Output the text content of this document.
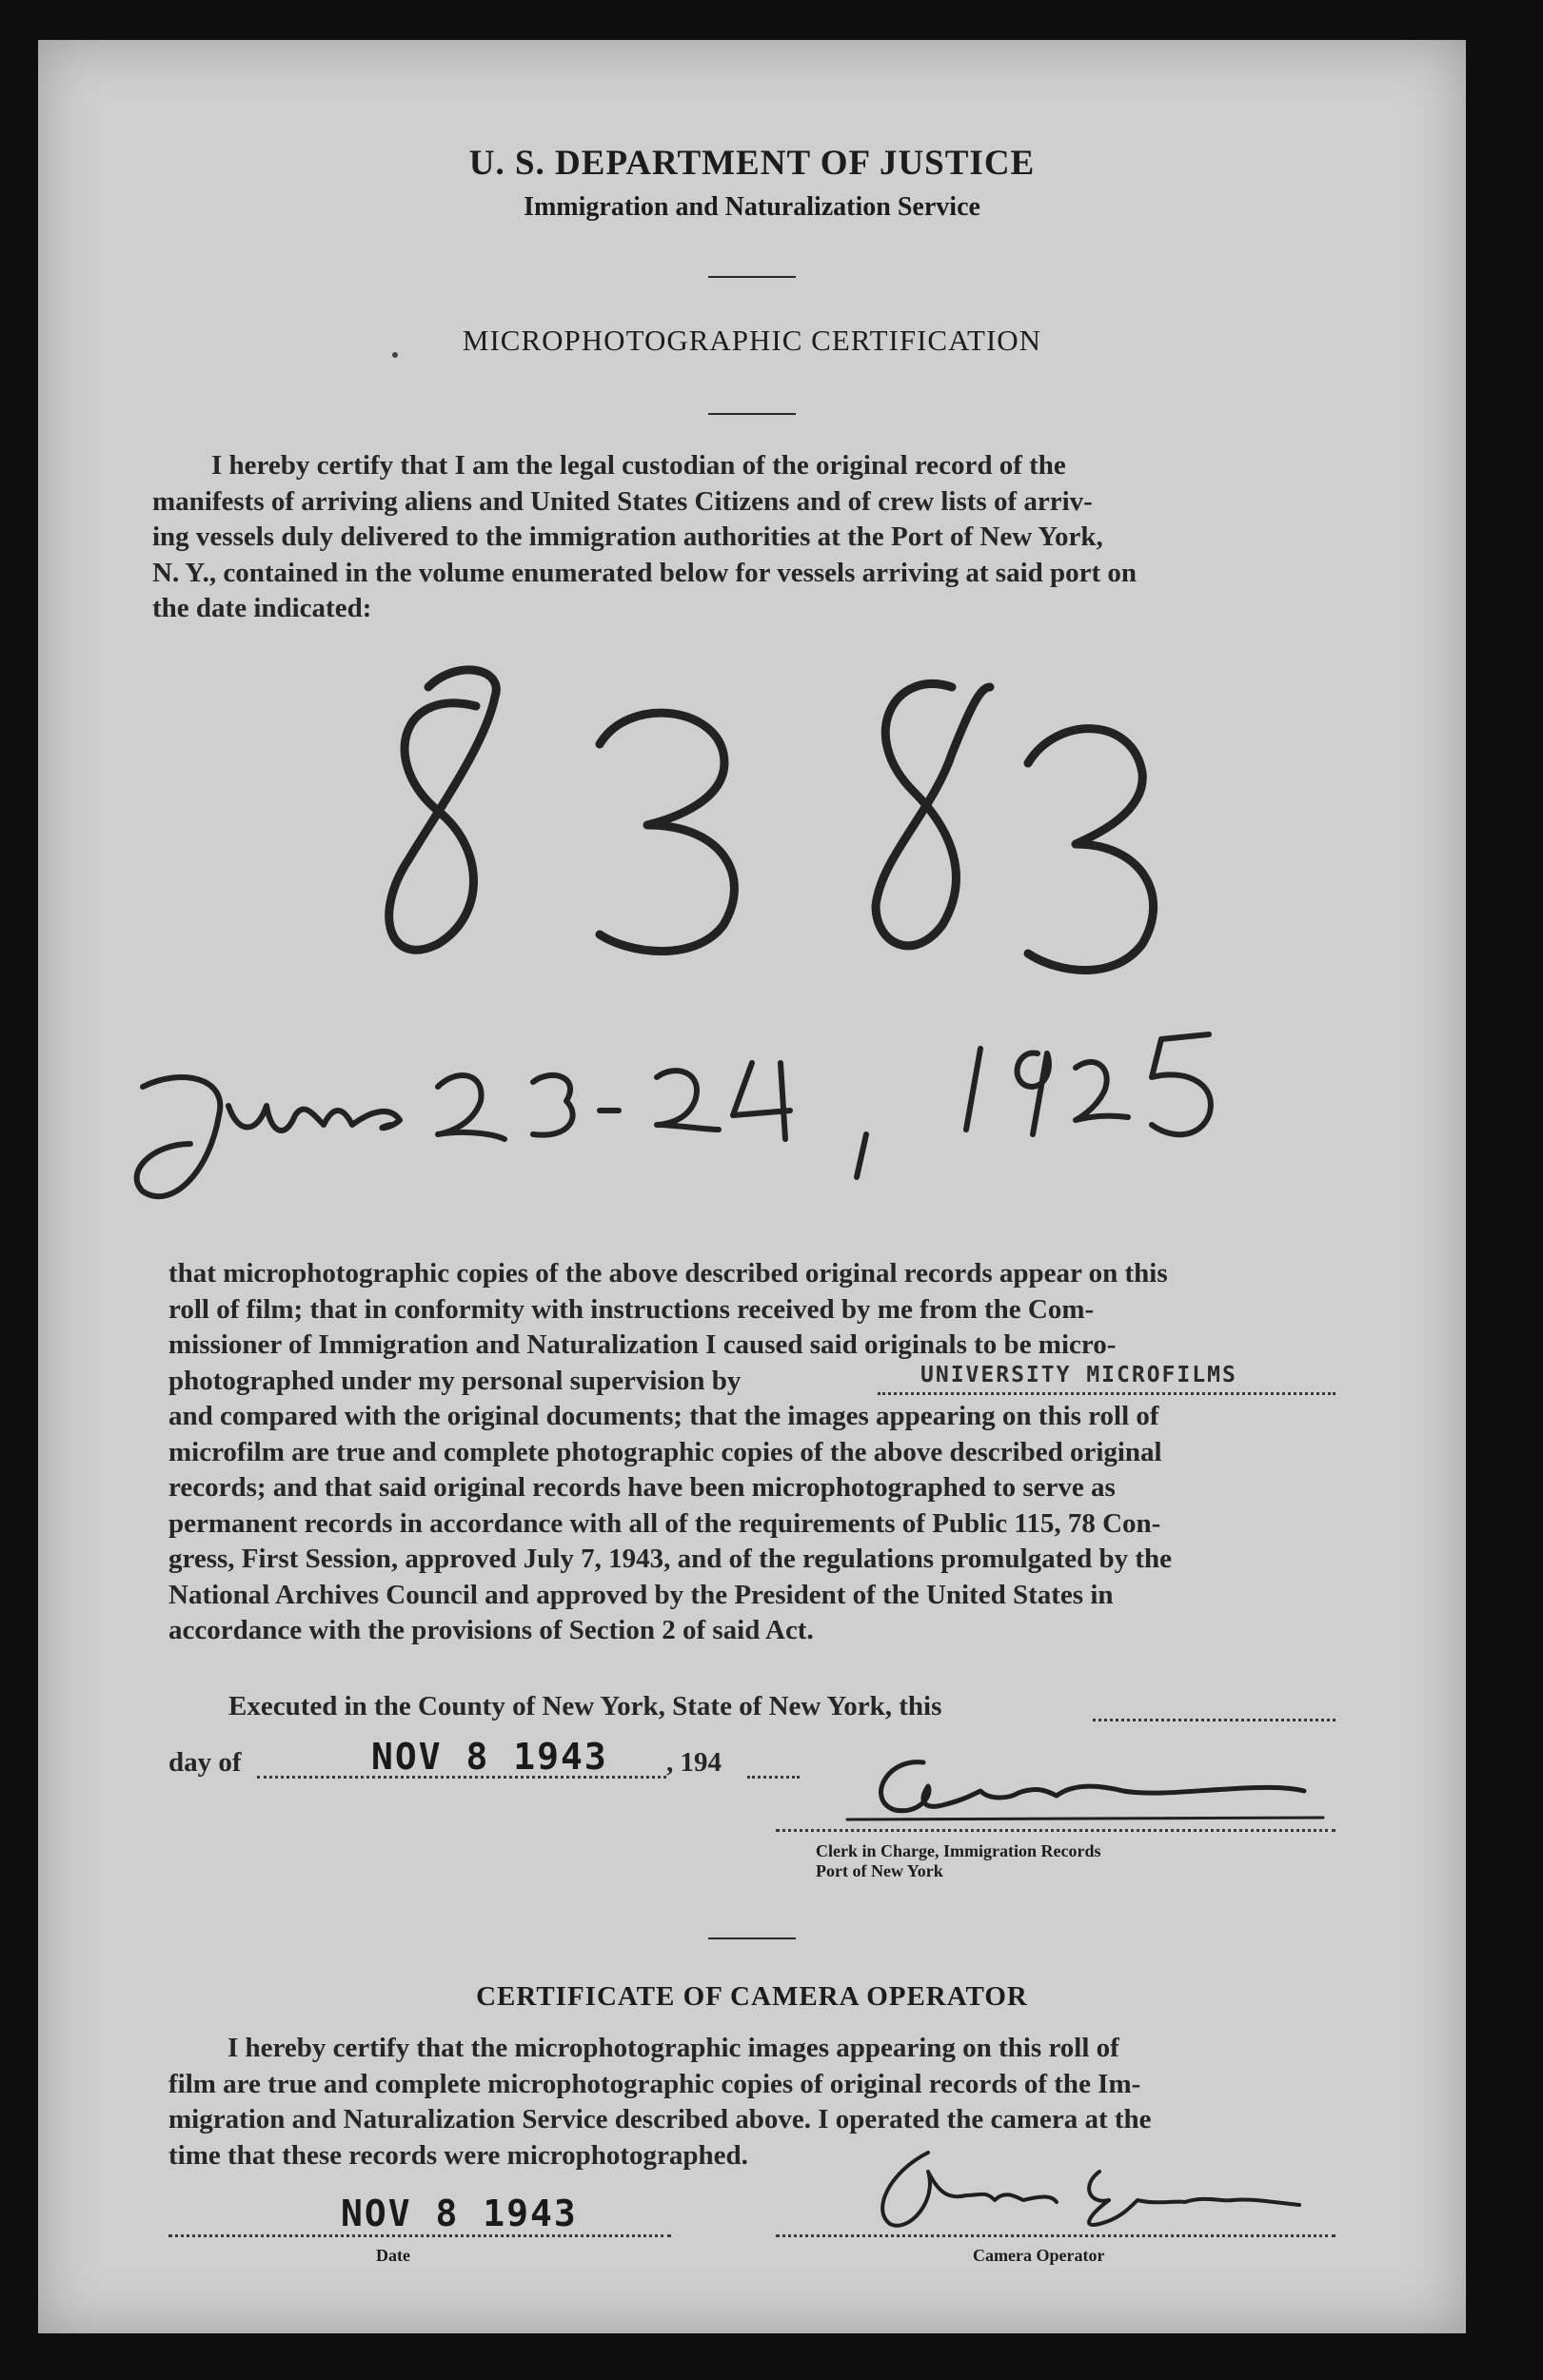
U. S. DEPARTMENT OF JUSTICE
Immigration and Naturalization Service
MICROPHOTOGRAPHIC CERTIFICATION
I hereby certify that I am the legal custodian of the original record of the
manifests of arriving aliens and United States Citizens and of crew lists of arriv-
ing vessels duly delivered to the immigration authorities at the Port of New York,
N. Y., contained in the volume enumerated below for vessels arriving at said port on
the date indicated:
that microphotographic copies of the above described original records appear on this
roll of film; that in conformity with instructions received by me from the Com-
missioner of Immigration and Naturalization I caused said originals to be micro-
photographed under my personal supervision by	UNIVERSITY MICROFILMS
and compared with the original documents; that the images appearing on this roll of
microfilm are true and complete photographic copies of the above described original
records; and that said original records have been microphotographed to serve as
permanent records in accordance with all of the requirements of Public 115, 78 Con-
gress, First Session, approved July 7, 1943, and of the regulations promulgated by the
National Archives Council and approved by the President of the United States in
accordance with the provisions of Section 2 of said Act.
Executed in the County of New York, State of New York, this
day of	NOV 8 1943 , 194
Clerk in Charge, Immigration Records
Port of New York
CERTIFICATE OF CAMERA OPERATOR
I hereby certify that the microphotographic images appearing on this roll of
film are true and complete microphotographic copies of original records of the Im-
migration and Naturalization Service described above. I operated the camera at the
time that these records were microphotographed.
NOV 8 1943
Date	Camera Operator
